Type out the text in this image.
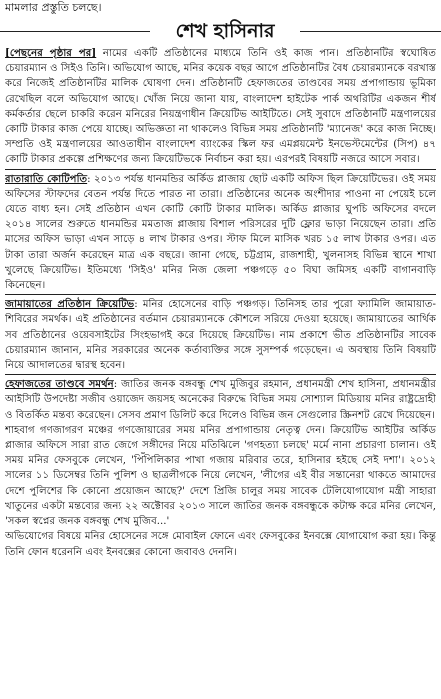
মামলার প্রস্তুতি চলছে।
শেখ হাসিনার

[পেছনের পৃষ্ঠার পর] নামের একটি প্রতিষ্ঠানের মাধ্যমে তিনি ওই কাজ পান। প্রতিষ্ঠানটির স্বঘোষিত চেয়ারম্যান ও সিইও তিনি। অভিযোগ আছে, মনির কয়েক বছর আগে প্রতিষ্ঠানটির বৈধ চেয়ারম্যানকে বরখাস্ত করে নিজেই প্রতিষ্ঠানটির মালিক ঘোষণা দেন। প্রতিষ্ঠানটি হেফাজতের তাণ্ডবের সময় প্রপাগান্ডায় ভূমিকা রেখেছিল বলে অভিযোগ আছে। খোঁজ নিয়ে জানা যায়, বাংলাদেশ হাইটেক পার্ক অথরিটির একজন শীর্ষ কর্মকর্তার ছেলে চাকরি করেন মনিরের নিয়ন্ত্রণাধীন ক্রিয়েটিভ আইটিতে। সেই সুবাদে প্রতিষ্ঠানটি মন্ত্রণালয়ের কোটি টাকার কাজ পেয়ে যাচ্ছে। অভিজ্ঞতা না থাকলেও বিভিন্ন সময় প্রতিষ্ঠানটি 'ম্যানেজ' করে কাজ নিচ্ছে। সম্প্রতি ওই মন্ত্রণালয়ের আওতাধীন বাংলাদেশ ব্যাংকের স্কিল ফর এমপ্লয়মেন্ট ইনভেস্টমেন্টের (সিপ) ৪৭ কোটি টাকার প্রকল্পে প্রশিক্ষণের জন্য ক্রিয়েটিভকে নির্বাচন করা হয়। এরপরই বিষয়টি নজরে আসে সবার।

রাতারাতি কোটিপতি: ২০১৩ পর্যন্ত ধানমন্ডির অর্কিড প্লাজায় ছোট একটি অফিস ছিল ক্রিয়েটিভের। ওই সময় অফিসের স্টাফদের বেতন পর্যন্ত দিতে পারত না তারা। প্রতিষ্ঠানের অনেক অংশীদার পাওনা না পেয়েই চলে যেতে বাধ্য হন। সেই প্রতিষ্ঠান এখন কোটি কোটি টাকার মালিক। অর্কিড প্লাজার ঘুপচি অফিসের বদলে ২০১৪ সালের শুরুতে ধানমন্ডির মমতাজ প্লাজায় বিশাল পরিসরের দুটি ফ্লোর ভাড়া নিয়েছেন তারা। প্রতি মাসের অফিস ভাড়া এখন সাড়ে ৪ লাখ টাকার ওপর। স্টাফ মিলে মাসিক খরচ ১৫ লাখ টাকার ওপর। এত টাকা তারা অর্জন করেছেন মাত্র এক বছরে। জানা গেছে, চট্টগ্রাম, রাজশাহী, খুলনাসহ বিভিন্ন স্থানে শাখা খুলেছে ক্রিয়েটিভ। ইতিমধ্যে 'সিইও' মনির নিজ জেলা পঞ্চগড়ে ৫০ বিঘা জমিসহ একটি বাগানবাড়ি কিনেছেন।

জামায়াতের প্রতিষ্ঠান ক্রিয়েটিভ: মনির হোসেনের বাড়ি পঞ্চগড়। তিনিসহ তার পুরো ফ্যামিলি জামায়াত-শিবিরের সমর্থক। এই প্রতিষ্ঠানের বর্তমান চেয়ারম্যানকে কৌশলে সরিয়ে দেওয়া হয়েছে। জামায়াতের আর্থিক সব প্রতিষ্ঠানের ওয়েবসাইটের সিংহভাগই করে দিয়েছে ক্রিয়েটিভ। নাম প্রকাশে ভীত প্রতিষ্ঠানটির সাবেক চেয়ারম্যান জানান, মনির সরকারের অনেক কর্তাব্যক্তির সঙ্গে সুসম্পর্ক গড়েছেন। এ অবস্থায় তিনি বিষয়টি নিয়ে আদালতের দ্বারস্থ হবেন।

হেফাজতের তাণ্ডবে সমর্থন: জাতির জনক বঙ্গবন্ধু শেখ মুজিবুর রহমান, প্রধানমন্ত্রী শেখ হাসিনা, প্রধানমন্ত্রীর আইসিটি উপদেষ্টা সজীব ওয়াজেদ জয়সহ অনেকের বিরুদ্ধে বিভিন্ন সময় সোশ্যাল মিডিয়ায় মনির রাষ্ট্রদ্রোহী ও বিতর্কিত মন্তব্য করেছেন। সেসব প্রমাণ ডিলিট করে দিলেও বিভিন্ন জন সেগুলোর স্ক্রিনশট রেখে দিয়েছেন।

শাহবাগ গণজাগরণ মঞ্চের গণজোয়ারের সময় মনির প্রপাগান্ডায় নেতৃত্ব দেন। ক্রিয়েটিভ আইটির অর্কিড প্লাজার অফিসে সারা রাত জেগে সঙ্গীদের নিয়ে মতিঝিলে 'গণহত্যা চলছে' মর্মে নানা প্রচারণা চালান। ওই সময় মনির ফেসবুকে লেখেন, 'পিঁপিলিকার পাখা গজায় মরিবার তরে, হাসিনার হইছে সেই দশা'। ২০১২ সালের ১১ ডিসেম্বর তিনি পুলিশ ও ছাত্রলীগকে নিয়ে লেখেন, 'লীগের এই বীর সন্তানেরা থাকতে আমাদের দেশে পুলিশের কি কোনো প্রয়োজন আছে?' দেশে প্রিজি চালুর সময় সাবেক টেলিযোগাযোগ মন্ত্রী সাহারা খাতুনের একটা মন্তব্যের জন্য ২২ অক্টোবর ২০১৩ সালে জাতির জনক বঙ্গবন্ধুকে কটাক্ষ করে মনির লেখেন, 'সকল স্বপ্নের জনক বঙ্গবন্ধু শেখ মুজিব...'

অভিযোগের বিষয়ে মনির হোসেনের সঙ্গে মোবাইল ফোনে এবং ফেসবুকের ইনবক্সে যোগাযোগ করা হয়। কিন্তু তিনি ফোন ধরেননি এবং ইনবক্সের কোনো জবাবও দেননি।
